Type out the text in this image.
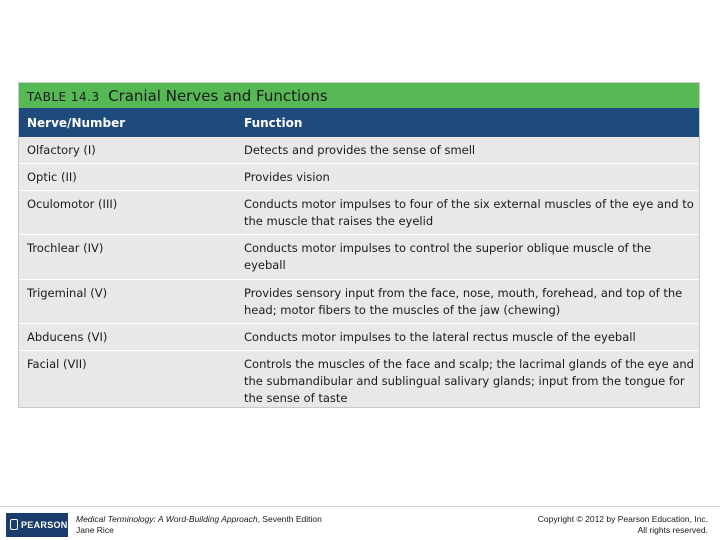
TABLE 14.3 Cranial Nerves and Functions
Nerve/Number	Function
Olfactory (I)	Detects and provides the sense of smell
Optic (II)	Provides vision
Oculomotor (III)	Conducts motor impulses to four of the six external muscles of the eye and to the muscle that raises the eyelid
Trochlear (IV)	Conducts motor impulses to control the superior oblique muscle of the eyeball
Trigeminal (V)	Provides sensory input from the face, nose, mouth, forehead, and top of the head; motor fibers to the muscles of the jaw (chewing)
Abducens (VI)	Conducts motor impulses to the lateral rectus muscle of the eyeball
Facial (VII)	Controls the muscles of the face and scalp; the lacrimal glands of the eye and the submandibular and sublingual salivary glands; input from the tongue for the sense of taste
PEARSON
Medical Terminology: A Word-Building Approach, Seventh Edition
Jane Rice
Copyright © 2012 by Pearson Education, Inc.
All rights reserved.
